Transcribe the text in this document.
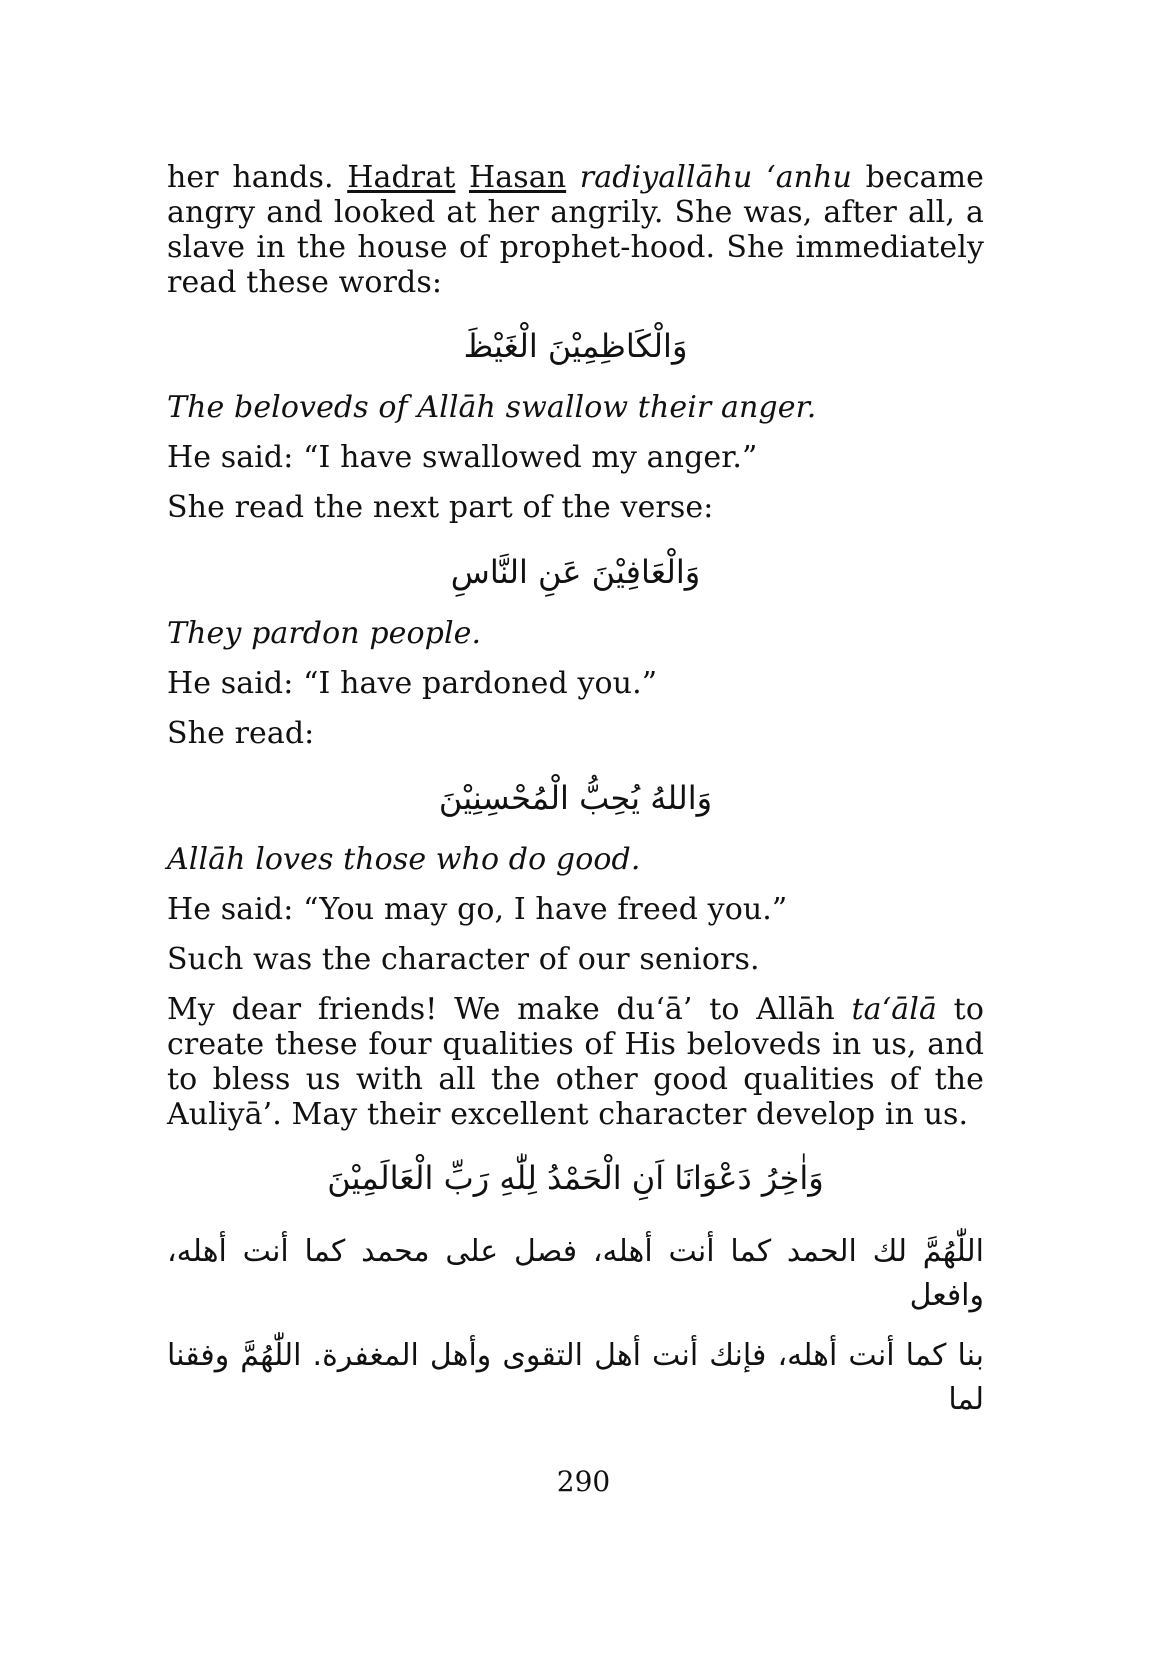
her hands. Hadrat Hasan radiyallāhu ‘anhu became angry and looked at her angrily. She was, after all, a slave in the house of prophet-hood. She immediately read these words:

وَالْكَاظِمِيْنَ الْغَيْظَ

The beloveds of Allāh swallow their anger.

He said: “I have swallowed my anger.”

She read the next part of the verse:

وَالْعَافِيْنَ عَنِ النَّاسِ

They pardon people.

He said: “I have pardoned you.”

She read:

وَاللهُ يُحِبُّ الْمُحْسِنِيْنَ

Allāh loves those who do good.

He said: “You may go, I have freed you.”

Such was the character of our seniors.

My dear friends! We make du‘ā’ to Allāh ta‘ālā to create these four qualities of His beloveds in us, and to bless us with all the other good qualities of the Auliyā’. May their excellent character develop in us.

وَاٰخِرُ دَعْوَانَا اَنِ الْحَمْدُ لِلّٰهِ رَبِّ الْعَالَمِيْنَ

اللّٰهُمَّ لك الحمد كما أنت أهله، فصل على محمد كما أنت أهله، وافعل

بنا كما أنت أهله، فإنك أنت أهل التقوى وأهل المغفرة. اللّٰهُمَّ وفقنا لما

290
